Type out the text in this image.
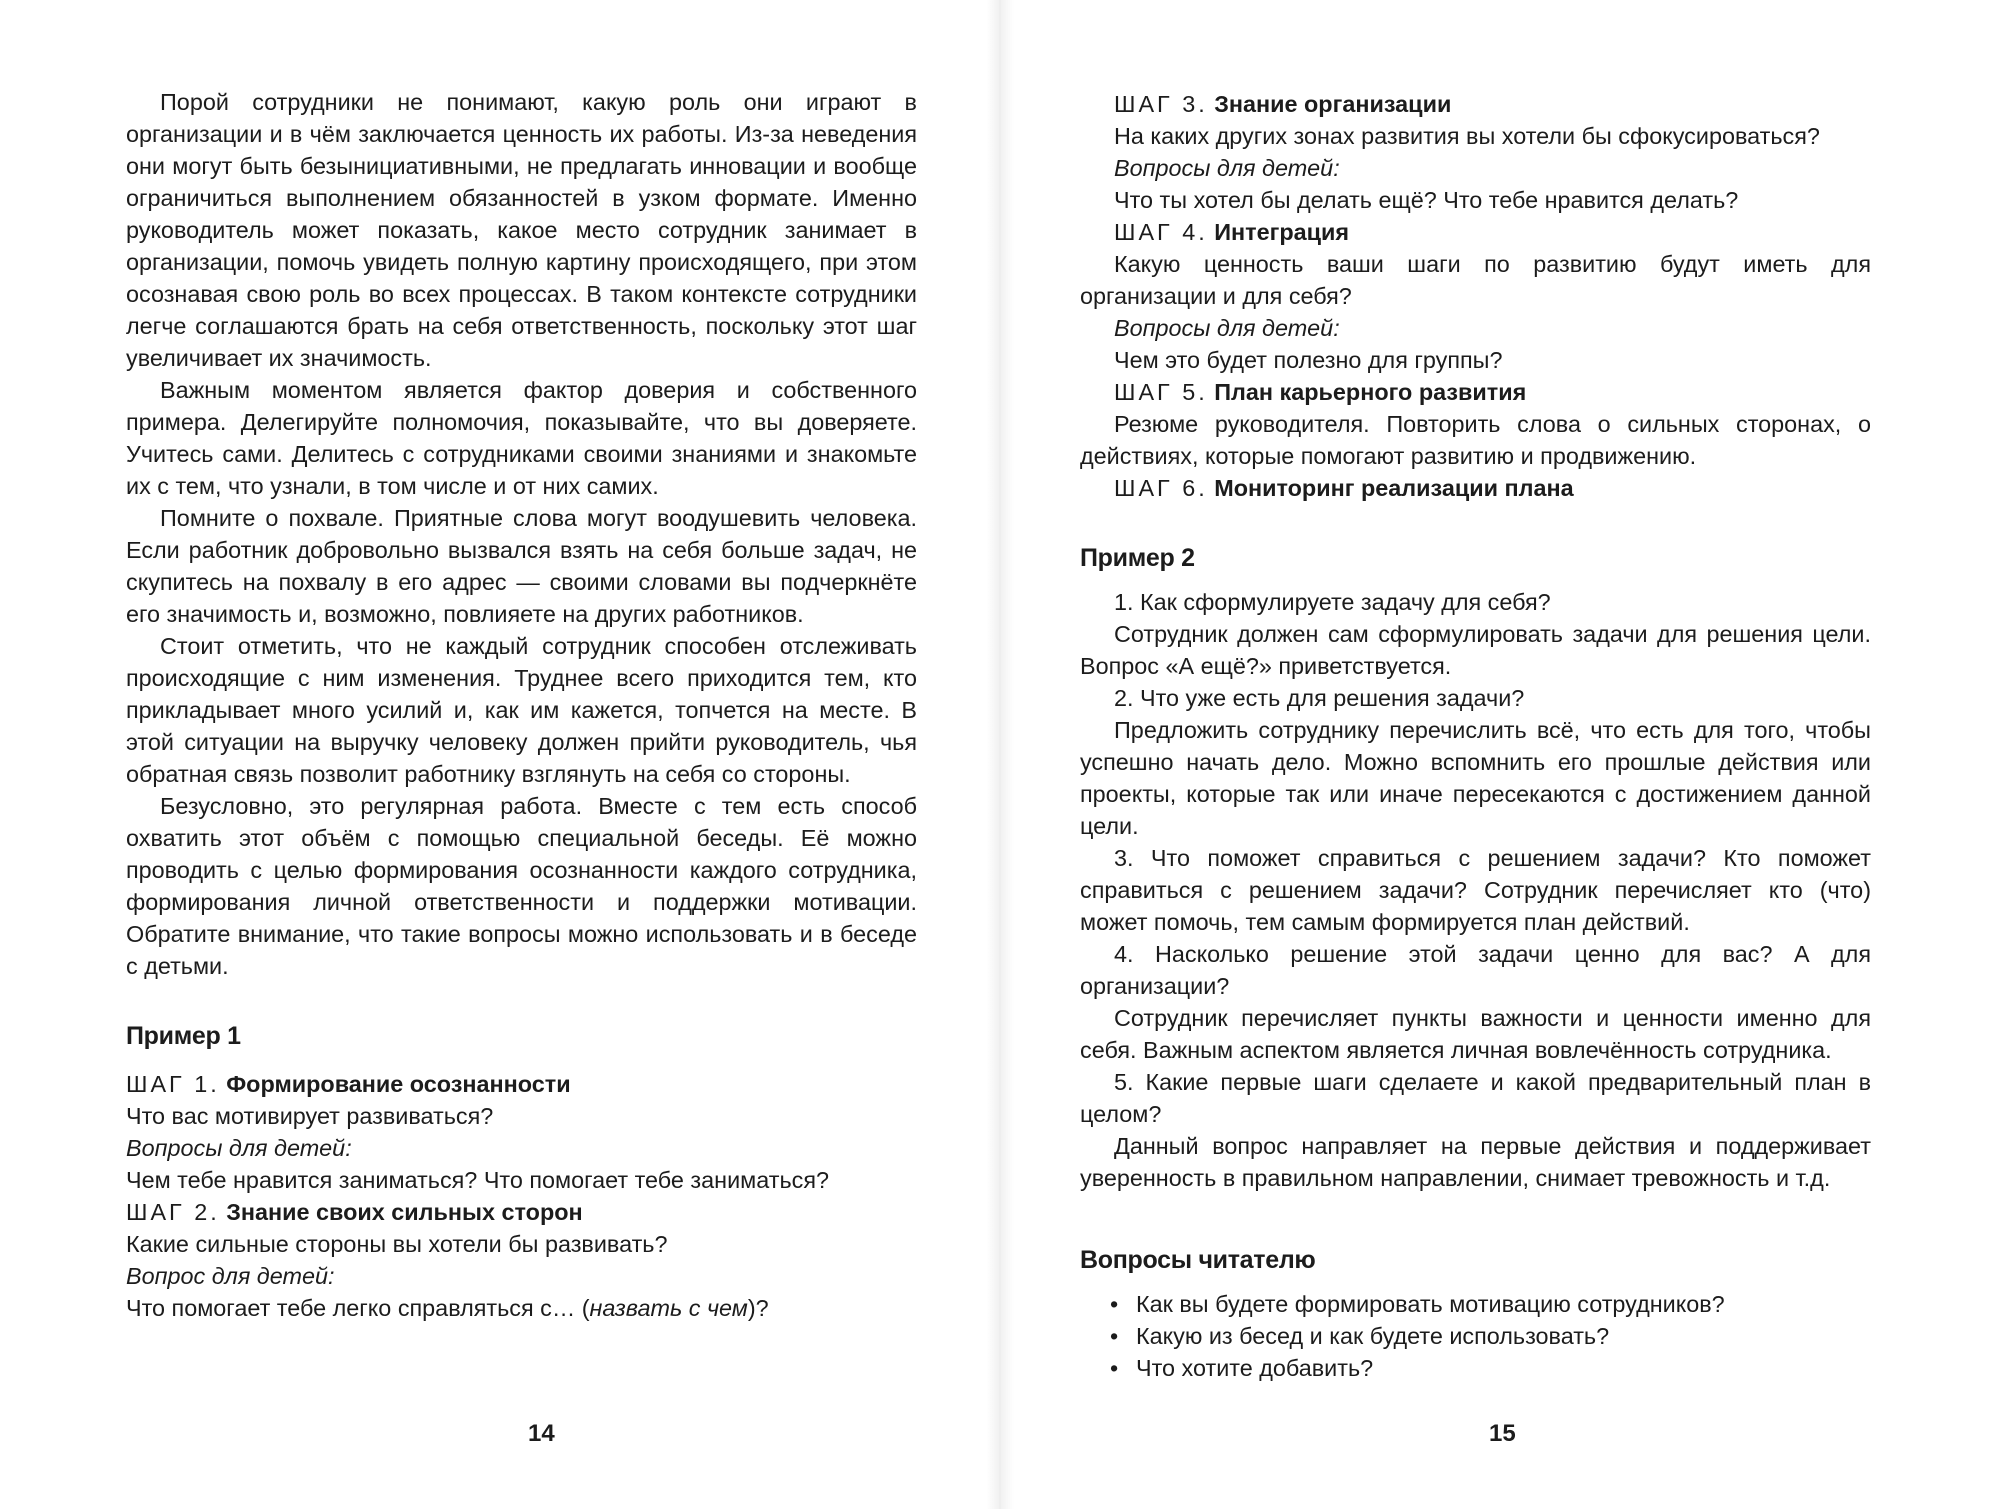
Порой сотрудники не понимают, какую роль они играют в организации и в чём заключается ценность их работы. Из-за неведения они могут быть безынициативными, не предлагать инновации и вообще ограничиться выполнением обязанностей в узком формате. Именно руководитель может показать, какое место сотрудник занимает в организации, помочь увидеть полную картину происходящего, при этом осознавая свою роль во всех процессах. В таком контексте сотрудники легче соглашаются брать на себя ответственность, поскольку этот шаг увеличивает их значимость.

Важным моментом является фактор доверия и собственного примера. Делегируйте полномочия, показывайте, что вы доверяете. Учитесь сами. Делитесь с сотрудниками своими знаниями и знакомьте их с тем, что узнали, в том числе и от них самих.

Помните о похвале. Приятные слова могут воодушевить человека. Если работник добровольно вызвался взять на себя больше задач, не скупитесь на похвалу в его адрес — своими словами вы подчеркнёте его значимость и, возможно, повлияете на других работников.

Стоит отметить, что не каждый сотрудник способен отслеживать происходящие с ним изменения. Труднее всего приходится тем, кто прикладывает много усилий и, как им кажется, топчется на месте. В этой ситуации на выручку человеку должен прийти руководитель, чья обратная связь позволит работнику взглянуть на себя со стороны.

Безусловно, это регулярная работа. Вместе с тем есть способ охватить этот объём с помощью специальной беседы. Её можно проводить с целью формирования осознанности каждого сотрудника, формирования личной ответственности и поддержки мотивации. Обратите внимание, что такие вопросы можно использовать и в беседе с детьми.

Пример 1
ШАГ 1. Формирование осознанности
Что вас мотивирует развиваться?
Вопросы для детей:
Чем тебе нравится заниматься? Что помогает тебе заниматься?
ШАГ 2. Знание своих сильных сторон
Какие сильные стороны вы хотели бы развивать?
Вопрос для детей:
Что помогает тебе легко справляться с… (назвать с чем)?
14
ШАГ 3. Знание организации
На каких других зонах развития вы хотели бы сфокусироваться?
Вопросы для детей:
Что ты хотел бы делать ещё? Что тебе нравится делать?
ШАГ 4. Интеграция

Какую ценность ваши шаги по развитию будут иметь для организации и для себя?

Вопросы для детей:
Чем это будет полезно для группы?
ШАГ 5. План карьерного развития

Резюме руководителя. Повторить слова о сильных сторонах, о действиях, которые помогают развитию и продвижению.

ШАГ 6. Мониторинг реализации плана
Пример 2

1. Как сформулируете задачу для себя?

Сотрудник должен сам сформулировать задачи для решения цели. Вопрос «А ещё?» приветствуется.

2. Что уже есть для решения задачи?

Предложить сотруднику перечислить всё, что есть для того, чтобы успешно начать дело. Можно вспомнить его прошлые действия или проекты, которые так или иначе пересекаются с достижением данной цели.

3. Что поможет справиться с решением задачи? Кто поможет справиться с решением задачи? Сотрудник перечисляет кто (что) может помочь, тем самым формируется план действий.

4. Насколько решение этой задачи ценно для вас? А для организации?

Сотрудник перечисляет пункты важности и ценности именно для себя. Важным аспектом является личная вовлечённость сотрудника.

5. Какие первые шаги сделаете и какой предварительный план в целом?

Данный вопрос направляет на первые действия и поддерживает уверенность в правильном направлении, снимает тревожность и т.д.

Вопросы читателю
• Как вы будете формировать мотивацию сотрудников?
• Какую из бесед и как будете использовать?
• Что хотите добавить?
15
